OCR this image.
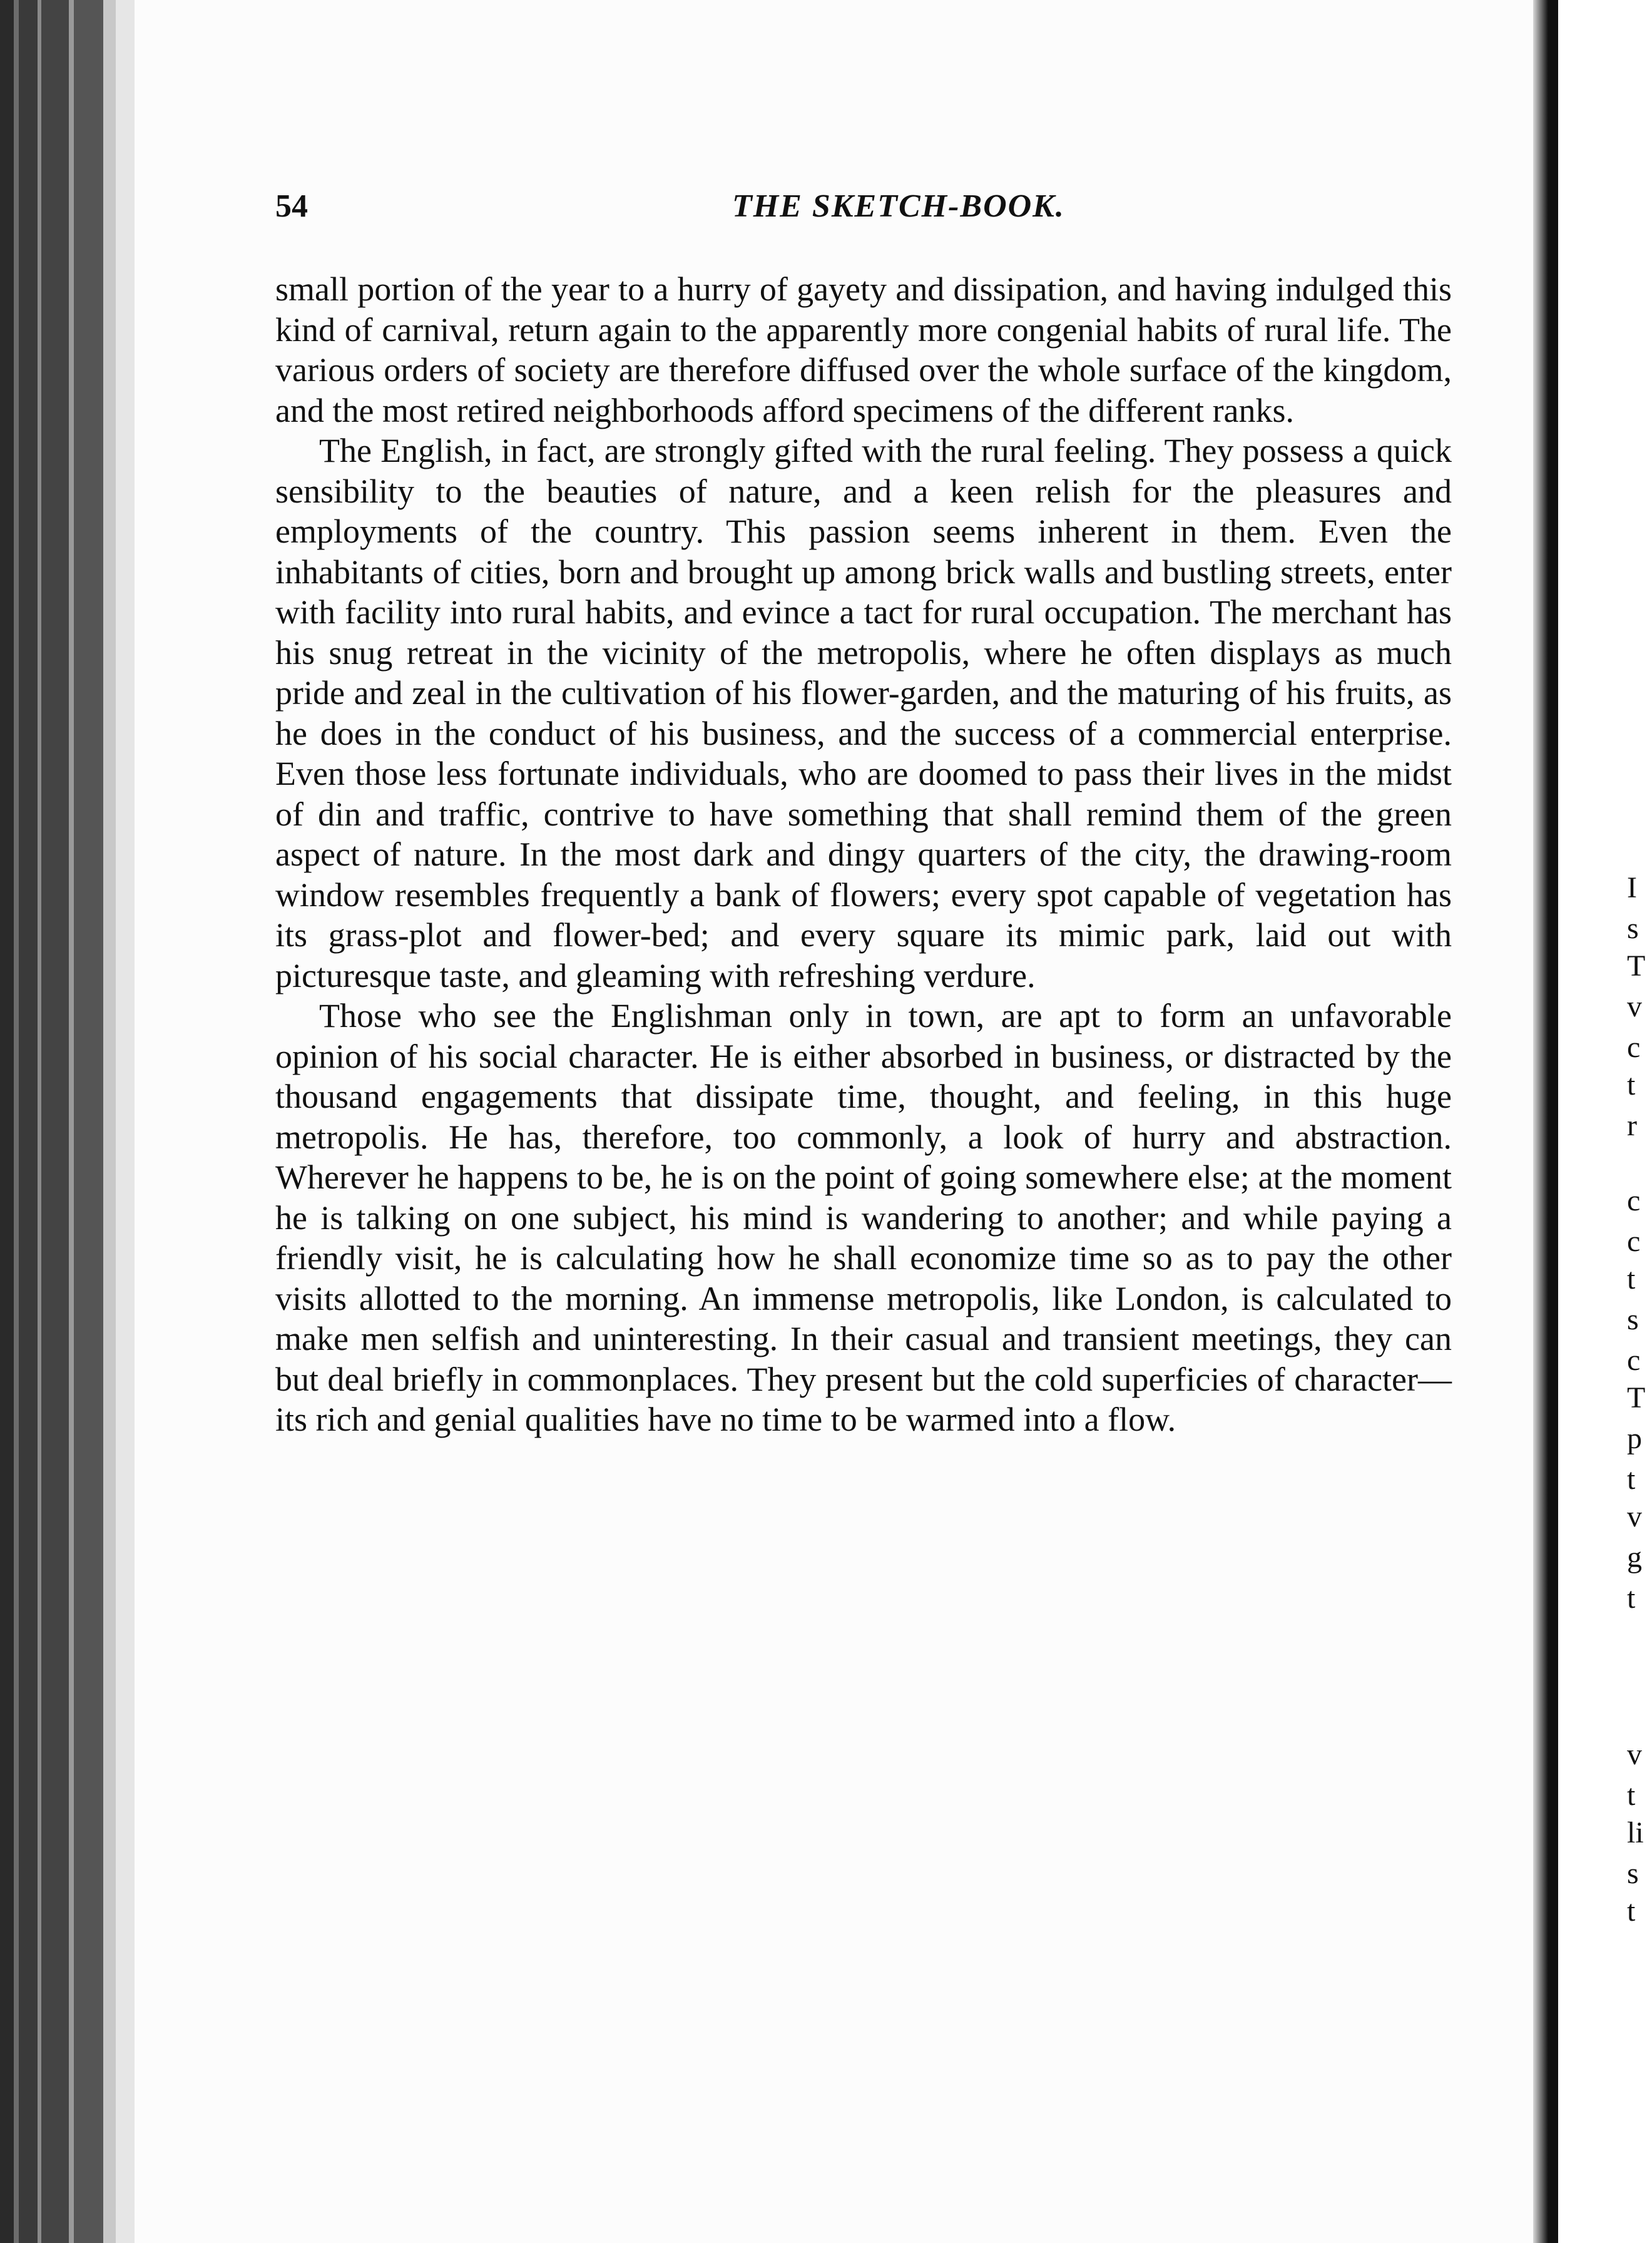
54	THE SKETCH-BOOK.

small portion of the year to a hurry of gayety and dissipation, and having indulged this kind of carnival, return again to the apparently more congenial habits of rural life. The various orders of society are therefore diffused over the whole surface of the kingdom, and the most retired neighborhoods afford specimens of the different ranks.

The English, in fact, are strongly gifted with the rural feeling. They possess a quick sensibility to the beauties of nature, and a keen relish for the pleasures and employments of the country. This passion seems inherent in them. Even the inhabitants of cities, born and brought up among brick walls and bustling streets, enter with facility into rural habits, and evince a tact for rural occupation. The merchant has his snug retreat in the vicinity of the metropolis, where he often displays as much pride and zeal in the cultivation of his flower-garden, and the maturing of his fruits, as he does in the conduct of his business, and the success of a commercial enterprise. Even those less fortunate individuals, who are doomed to pass their lives in the midst of din and traffic, contrive to have something that shall remind them of the green aspect of nature. In the most dark and dingy quarters of the city, the drawing-room window resembles frequently a bank of flowers; every spot capable of vegetation has its grass-plot and flower-bed; and every square its mimic park, laid out with picturesque taste, and gleaming with refreshing verdure.

Those who see the Englishman only in town, are apt to form an unfavorable opinion of his social character. He is either absorbed in business, or distracted by the thousand engagements that dissipate time, thought, and feeling, in this huge metropolis. He has, therefore, too commonly, a look of hurry and abstraction. Wherever he happens to be, he is on the point of going somewhere else; at the moment he is talking on one subject, his mind is wandering to another; and while paying a friendly visit, he is calculating how he shall economize time so as to pay the other visits allotted to the morning. An immense metropolis, like London, is calculated to make men selfish and uninteresting. In their casual and transient meetings, they can but deal briefly in commonplaces. They present but the cold superficies of character—its rich and genial qualities have no time to be warmed into a flow.

I
s
T
v
c
t
r
c
c
t
s
c
T
p
t
v
g
t
v
t
li
s
t
